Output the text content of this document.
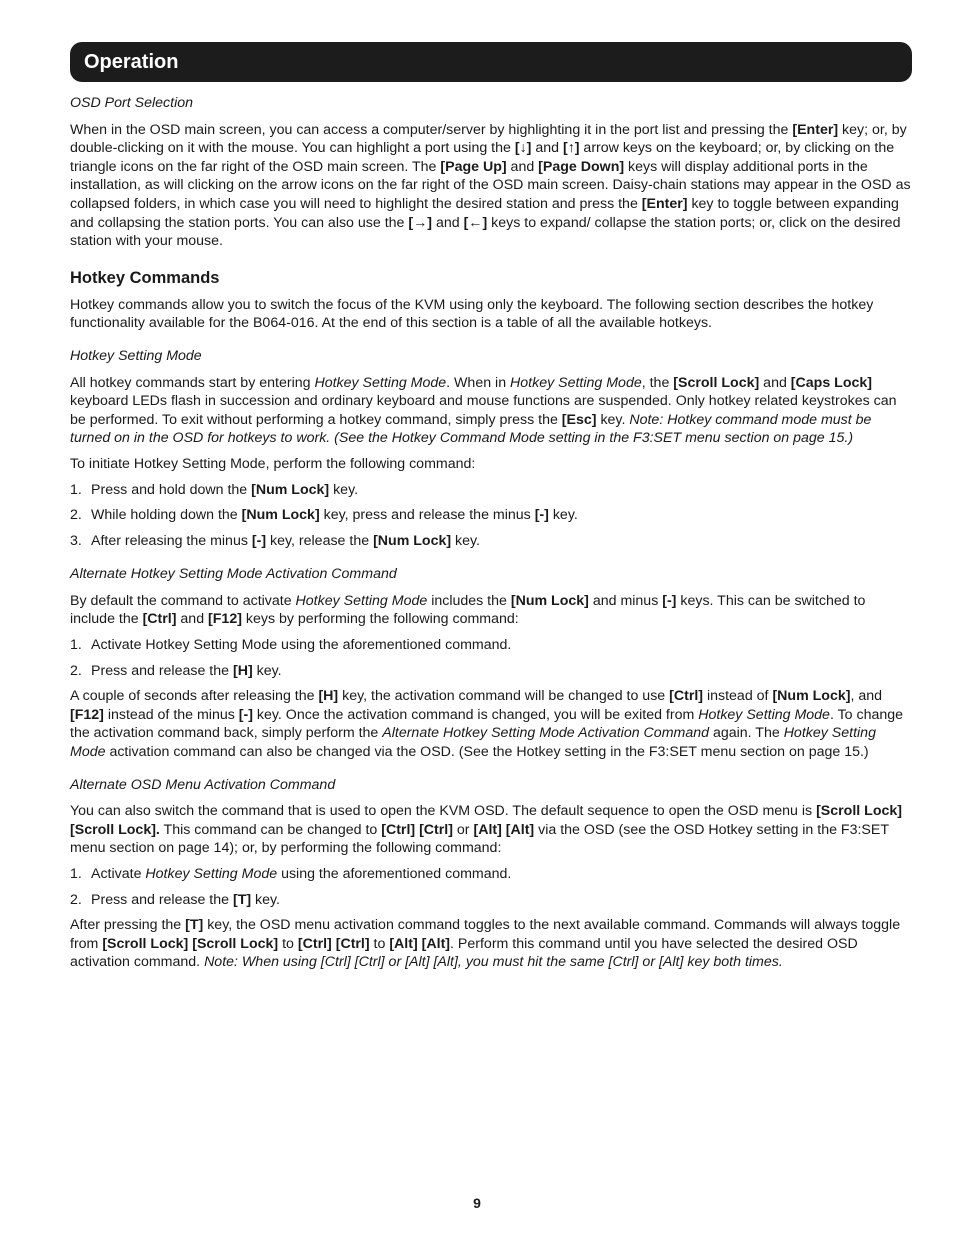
Operation

OSD Port Selection

When in the OSD main screen, you can access a computer/server by highlighting it in the port list and pressing the [Enter] key; or, by double-clicking on it with the mouse. You can highlight a port using the [↓] and [↑] arrow keys on the keyboard; or, by clicking on the triangle icons on the far right of the OSD main screen. The [Page Up] and [Page Down] keys will display additional ports in the installation, as will clicking on the arrow icons on the far right of the OSD main screen. Daisy-chain stations may appear in the OSD as collapsed folders, in which case you will need to highlight the desired station and press the [Enter] key to toggle between expanding and collapsing the station ports. You can also use the [→] and [←] keys to expand/ collapse the station ports; or, click on the desired station with your mouse.

Hotkey Commands

Hotkey commands allow you to switch the focus of the KVM using only the keyboard. The following section describes the hotkey functionality available for the B064-016. At the end of this section is a table of all the available hotkeys.

Hotkey Setting Mode

All hotkey commands start by entering Hotkey Setting Mode. When in Hotkey Setting Mode, the [Scroll Lock] and [Caps Lock] keyboard LEDs flash in succession and ordinary keyboard and mouse functions are suspended. Only hotkey related keystrokes can be performed. To exit without performing a hotkey command, simply press the [Esc] key. Note: Hotkey command mode must be turned on in the OSD for hotkeys to work. (See the Hotkey Command Mode setting in the F3:SET menu section on page 15.)

To initiate Hotkey Setting Mode, perform the following command:

1. Press and hold down the [Num Lock] key.
2. While holding down the [Num Lock] key, press and release the minus [-] key.
3. After releasing the minus [-] key, release the [Num Lock] key.

Alternate Hotkey Setting Mode Activation Command

By default the command to activate Hotkey Setting Mode includes the [Num Lock] and minus [-] keys. This can be switched to include the [Ctrl] and [F12] keys by performing the following command:

1. Activate Hotkey Setting Mode using the aforementioned command.
2. Press and release the [H] key.

A couple of seconds after releasing the [H] key, the activation command will be changed to use [Ctrl] instead of [Num Lock], and [F12] instead of the minus [-] key. Once the activation command is changed, you will be exited from Hotkey Setting Mode. To change the activation command back, simply perform the Alternate Hotkey Setting Mode Activation Command again. The Hotkey Setting Mode activation command can also be changed via the OSD. (See the Hotkey setting in the F3:SET menu section on page 15.)

Alternate OSD Menu Activation Command

You can also switch the command that is used to open the KVM OSD. The default sequence to open the OSD menu is [Scroll Lock] [Scroll Lock]. This command can be changed to [Ctrl] [Ctrl] or [Alt] [Alt] via the OSD (see the OSD Hotkey setting in the F3:SET menu section on page 14); or, by performing the following command:

1. Activate Hotkey Setting Mode using the aforementioned command.
2. Press and release the [T] key.

After pressing the [T] key, the OSD menu activation command toggles to the next available command. Commands will always toggle from [Scroll Lock] [Scroll Lock] to [Ctrl] [Ctrl] to [Alt] [Alt]. Perform this command until you have selected the desired OSD activation command. Note: When using [Ctrl] [Ctrl] or [Alt] [Alt], you must hit the same [Ctrl] or [Alt] key both times.

9
